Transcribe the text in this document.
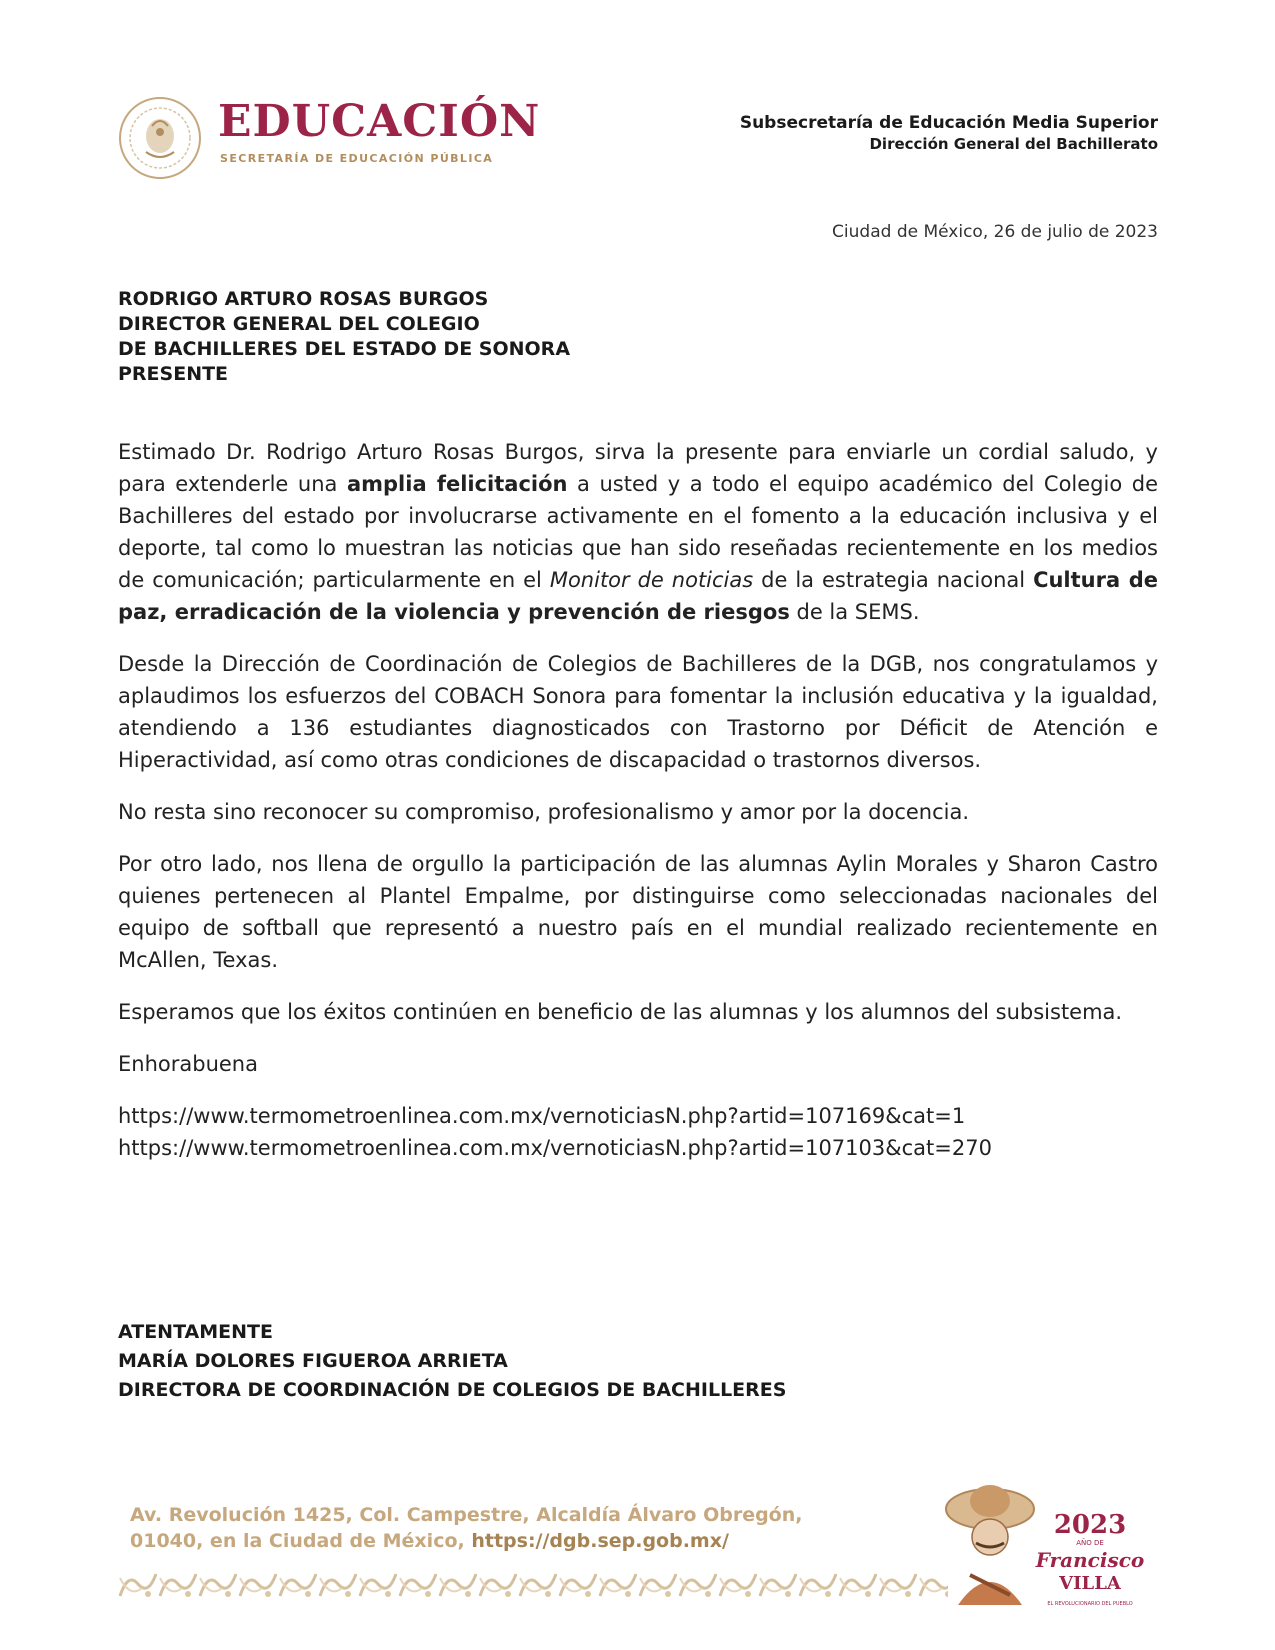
EDUCACIÓN
SECRETARÍA DE EDUCACIÓN PÚBLICA
Subsecretaría de Educación Media Superior
Dirección General del Bachillerato
Ciudad de México, 26 de julio de 2023
RODRIGO ARTURO ROSAS BURGOS
DIRECTOR GENERAL DEL COLEGIO
DE BACHILLERES DEL ESTADO DE SONORA
PRESENTE

Estimado Dr. Rodrigo Arturo Rosas Burgos, sirva la presente para enviarle un cordial saludo, y para extenderle una amplia felicitación a usted y a todo el equipo académico del Colegio de Bachilleres del estado por involucrarse activamente en el fomento a la educación inclusiva y el deporte, tal como lo muestran las noticias que han sido reseñadas recientemente en los medios de comunicación; particularmente en el Monitor de noticias de la estrategia nacional Cultura de paz, erradicación de la violencia y prevención de riesgos de la SEMS.

Desde la Dirección de Coordinación de Colegios de Bachilleres de la DGB, nos congratulamos y aplaudimos los esfuerzos del COBACH Sonora para fomentar la inclusión educativa y la igualdad, atendiendo a 136 estudiantes diagnosticados con Trastorno por Déficit de Atención e Hiperactividad, así como otras condiciones de discapacidad o trastornos diversos.

No resta sino reconocer su compromiso, profesionalismo y amor por la docencia.

Por otro lado, nos llena de orgullo la participación de las alumnas Aylin Morales y Sharon Castro quienes pertenecen al Plantel Empalme, por distinguirse como seleccionadas nacionales del equipo de softball que representó a nuestro país en el mundial realizado recientemente en McAllen, Texas.

Esperamos que los éxitos continúen en beneficio de las alumnas y los alumnos del subsistema.

Enhorabuena

https://www.termometroenlinea.com.mx/vernoticiasN.php?artid=107169&cat=1
https://www.termometroenlinea.com.mx/vernoticiasN.php?artid=107103&cat=270
ATENTAMENTE
MARÍA DOLORES FIGUEROA ARRIETA
DIRECTORA DE COORDINACIÓN DE COLEGIOS DE BACHILLERES
Av. Revolución 1425, Col. Campestre, Alcaldía Álvaro Obregón,
01040, en la Ciudad de México, https://dgb.sep.gob.mx/
2023
AÑO DE
Francisco
VILLA
EL REVOLUCIONARIO DEL PUEBLO
